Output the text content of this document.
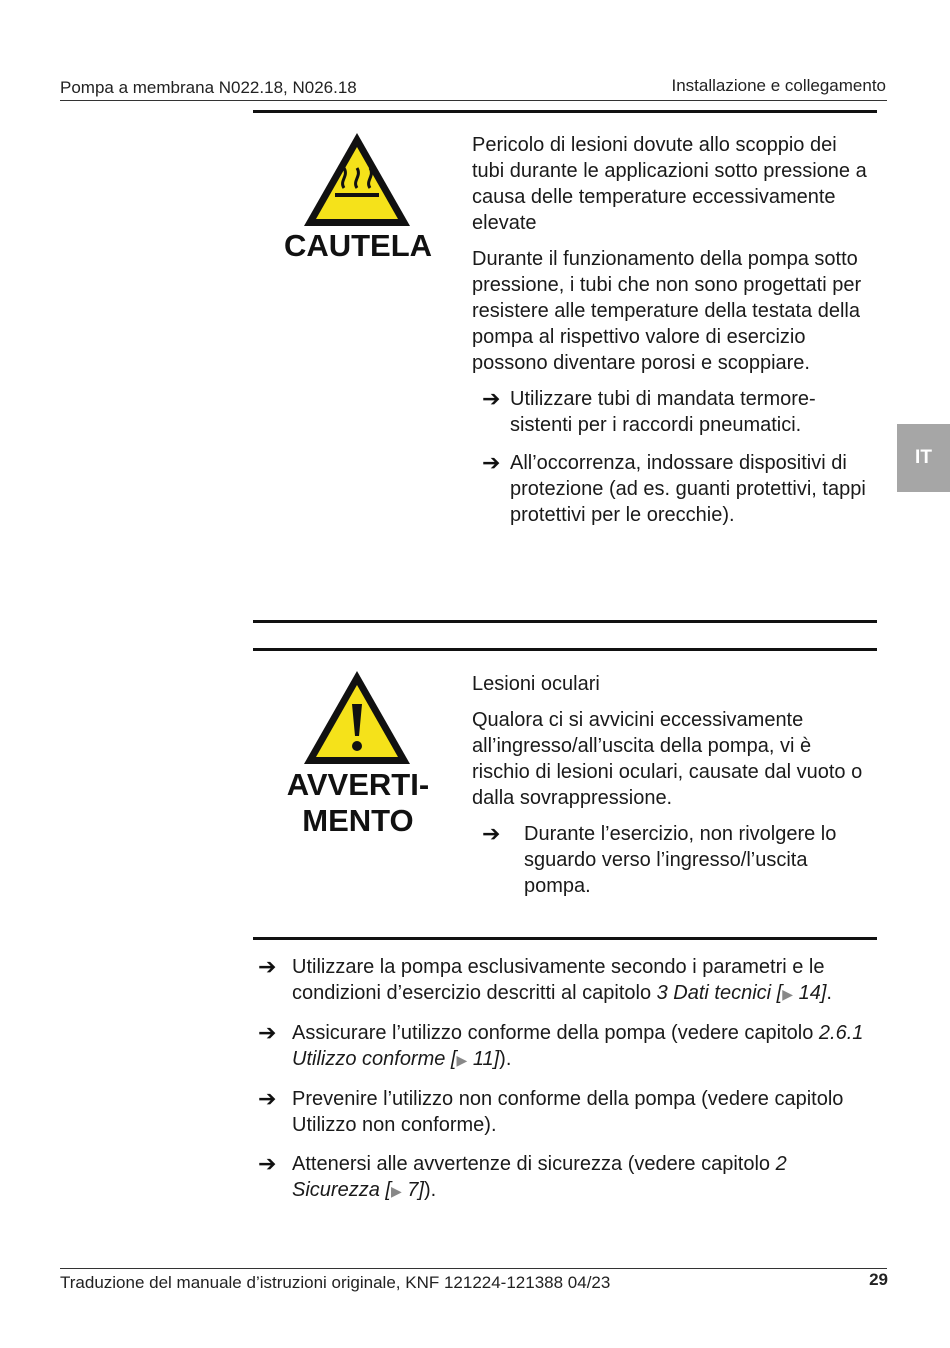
Pompa a membrana N022.18, N026.18	Installazione e collegamento
IT
CAUTELA

Pericolo di lesioni dovute allo scoppio dei tubi durante le applicazioni sotto pressione a causa delle temperature eccessivamente elevate

Durante il funzionamento della pompa sotto pressione, i tubi che non sono progettati per resistere alle temperature della testata della pompa al rispettivo valore di esercizio possono diventare porosi e scoppiare.

➔ Utilizzare tubi di mandata termoresistenti per i raccordi pneumatici.
➔ All’occorrenza, indossare dispositivi di protezione (ad es. guanti protettivi, tappi protettivi per le orecchie).
AVVERTI-
MENTO

Lesioni oculari

Qualora ci si avvicini eccessivamente all’ingresso/all’uscita della pompa, vi è rischio di lesioni oculari, causate dal vuoto o dalla sovrappressione.

➔ Durante l’esercizio, non rivolgere lo sguardo verso l’ingresso/l’uscita pompa.
➔ Utilizzare la pompa esclusivamente secondo i parametri e le condizioni d’esercizio descritti al capitolo 3 Dati tecnici [▶ 14].
➔ Assicurare l’utilizzo conforme della pompa (vedere capitolo 2.6.1 Utilizzo conforme [▶ 11]).
➔ Prevenire l’utilizzo non conforme della pompa (vedere capitolo Utilizzo non conforme).
➔ Attenersi alle avvertenze di sicurezza (vedere capitolo 2 Sicurezza [▶ 7]).
Traduzione del manuale d’istruzioni originale, KNF 121224-121388 04/23	29
